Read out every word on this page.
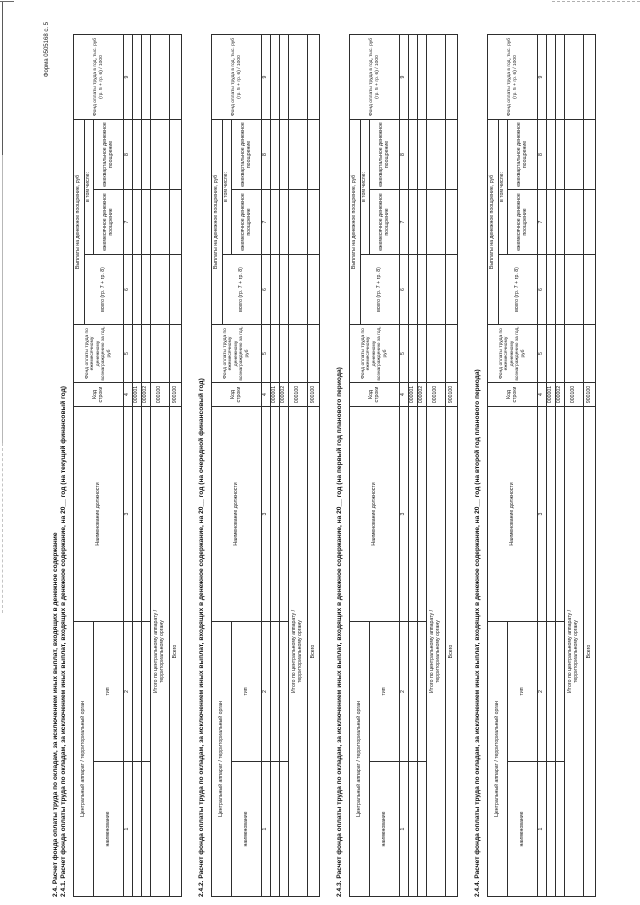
Форма 0505168 с. 5
2.4. Расчет фонда оплаты труда по окладам, за исключением иных выплат, входящих в денежное содержание 2.4.1. Расчет фонда оплаты труда по окладам, за исключением иных выплат, входящих в денежное содержание, на 20__ год (на текущий финансовый год) Центральный аппарат / территориальный орган		Наименование должности	Код строки	Фонд оплаты труда по ежемесячному денежному вознаграждению за год, руб	Выплаты на денежное поощрение, руб			Фонд оплаты труда в год, тыс. руб (гр. 5 + гр. 6) / 1000
					всего (гр. 7 + гр. 8)	в том числе:		
наименование	тип					ежемесячное денежное поощрение	ежеквартальное денежное поощрение	
1	2	3	4	5	6	7	8	9
			000001					
			000002					
Итого по центральному аппарату / территориальному органу			000100					
Всего			900100						2.4.2. Расчет фонда оплаты труда по окладам, за исключением иных выплат, входящих в денежное содержание, на 20__ год (на очередной финансовый год) Центральный аппарат / территориальный орган		Наименование должности	Код строки	Фонд оплаты труда по ежемесячному денежному вознаграждению за год, руб	Выплаты на денежное поощрение, руб			Фонд оплаты труда в год, тыс. руб (гр. 5 + гр. 6) / 1000
					всего (гр. 7 + гр. 8)	в том числе:		
наименование	тип					ежемесячное денежное поощрение	ежеквартальное денежное поощрение	
1	2	3	4	5	6	7	8	9
			000001					
			000002					
Итого по центральному аппарату / территориальному органу			000100					
Всего			900100						2.4.3. Расчет фонда оплаты труда по окладам, за исключением иных выплат, входящих в денежное содержание, на 20__ год (на первый год планового периода) Центральный аппарат / территориальный орган		Наименование должности	Код строки	Фонд оплаты труда по ежемесячному денежному вознаграждению за год, руб	Выплаты на денежное поощрение, руб			Фонд оплаты труда в год, тыс. руб (гр. 5 + гр. 6) / 1000
					всего (гр. 7 + гр. 8)	в том числе:		
наименование	тип					ежемесячное денежное поощрение	ежеквартальное денежное поощрение	
1	2	3	4	5	6	7	8	9
			000001					
			000002					
Итого по центральному аппарату / территориальному органу			000100					
Всего			900100						2.4.4. Расчет фонда оплаты труда по окладам, за исключением иных выплат, входящих в денежное содержание, на 20__ год (на второй год планового периода) Центральный аппарат / территориальный орган		Наименование должности	Код строки	Фонд оплаты труда по ежемесячному денежному вознаграждению за год, руб	Выплаты на денежное поощрение, руб			Фонд оплаты труда в год, тыс. руб (гр. 5 + гр. 6) / 1000
					всего (гр. 7 + гр. 8)	в том числе:		
наименование	тип					ежемесячное денежное поощрение	ежеквартальное денежное поощрение	
1	2	3	4	5	6	7	8	9
			000001					
			000002					
Итого по центральному аппарату / территориальному органу			000100					
Всего			900100					
